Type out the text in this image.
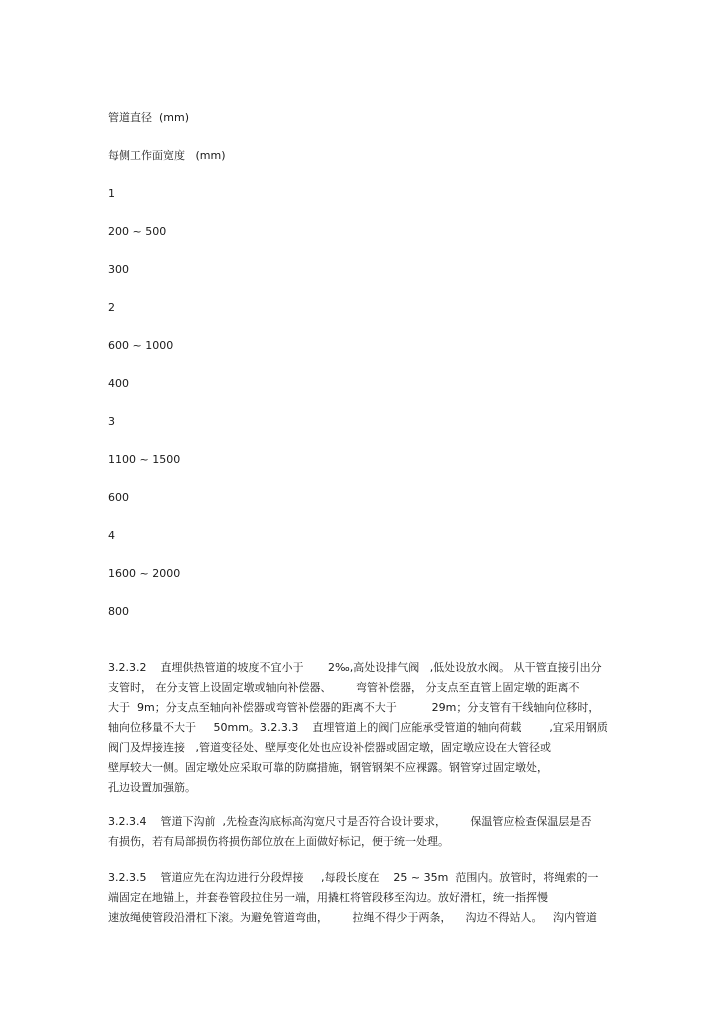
管道直径  (mm)
每侧工作面宽度   (mm)
1
200 ~ 500
300
2
600 ~ 1000
400
3
1100 ~ 1500
600
4
1600 ~ 2000
800
3.2.3.2    直埋供热管道的坡度不宜小于       2‰,高处设排气阀   ,低处设放水阀。 从干管直接引出分
支管时， 在分支管上设固定墩或轴向补偿器、       弯管补偿器， 分支点至直管上固定墩的距离不
大于  9m；分支点至轴向补偿器或弯管补偿器的距离不大于          29m；分支管有干线轴向位移时，
轴向位移量不大于     50mm。3.2.3.3    直埋管道上的阀门应能承受管道的轴向荷载        ,宜采用钢质
阀门及焊接连接   ,管道变径处、壁厚变化处也应设补偿器或固定墩，固定墩应设在大管径或
壁厚较大一侧。固定墩处应采取可靠的防腐措施，钢管钢架不应裸露。钢管穿过固定墩处，
孔边设置加强筋。
3.2.3.4    管道下沟前  ,先检查沟底标高沟宽尺寸是否符合设计要求，       保温管应检查保温层是否
有损伤，若有局部损伤将损伤部位放在上面做好标记，便于统一处理。
3.2.3.5    管道应先在沟边进行分段焊接     ,每段长度在    25 ~ 35m  范围内。放管时，将绳索的一
端固定在地锚上，并套卷管段拉住另一端，用撬杠将管段移至沟边。放好滑杠，统一指挥慢
速放绳使管段沿滑杠下滚。为避免管道弯曲，       拉绳不得少于两条，    沟边不得站人。   沟内管道
